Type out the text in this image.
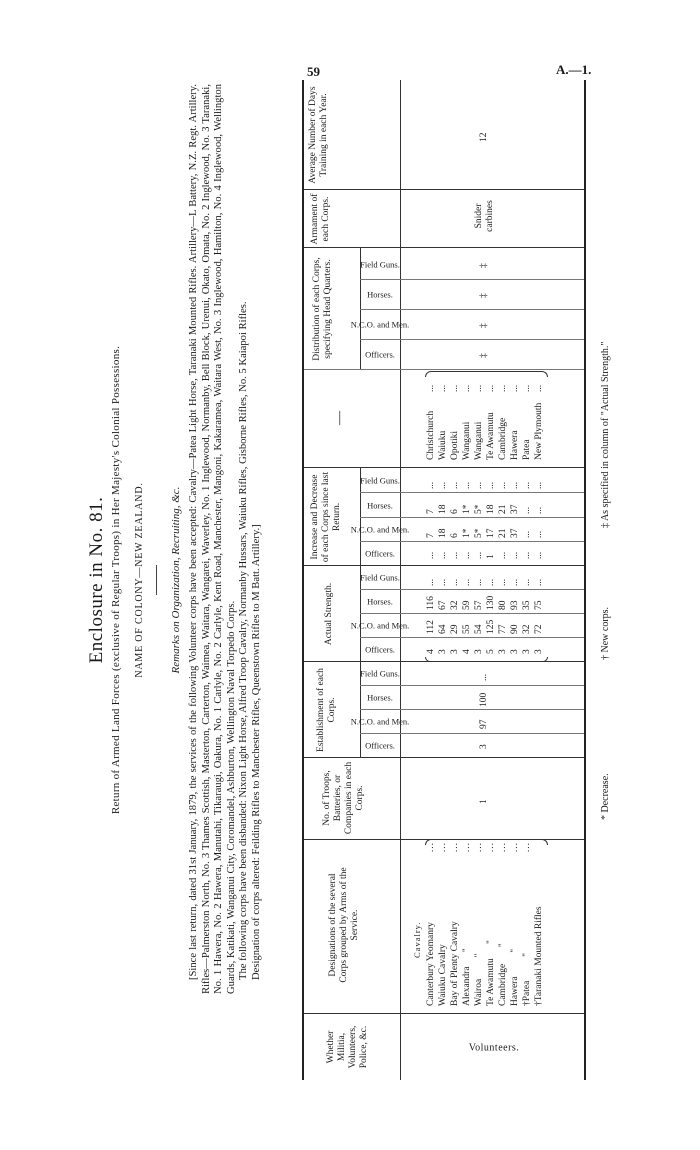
59	A.—1.
Enclosure in No. 81. Return of Armed Land Forces (exclusive of Regular Troops) in Her Majesty's Colonial Possessions. NAME OF COLONY—NEW ZEALAND. Remarks on Organization, Recruiting, &c. [Since last return, dated 31st January, 1879, the services of the following Volunteer corps have been accepted: Cavalry—Patea Light Horse, Taranaki Mounted Rifles. Artillery—L Battery, N.Z. Regt. Artillery. Rifles—Palmerston North, No. 3 Thames Scottish, Masterton, Carterton, Waimea, Waitara, Wangarei, Waverley, No. 1 Inglewood, Normanby, Bell Block, Urenui, Okato, Omata, No. 2 Inglewood, No. 3 Taranaki, No. 1 Hawera, No. 2 Hawera, Manutahi, Tikaraugi, Oakura, No. 1 Carlyle, No. 2 Carlyle, Kent Road, Manchester, Mangoni, Kakaramea, Waitara West, No. 3 Inglewood, Hamilton, No. 4 Inglewood, Wellington Guards, Katikati, Wanganui City, Coromandel, Ashburton, Wellington Naval Torpedo Corps. The following corps have been disbanded: Nixon Light Horse, Alfred Troop Cavalry, Normanby Hussars, Waiuku Rifles, Gisborne Rifles, No. 5 Kaiapoi Rifles. Designation of corps altered: Feilding Rifles to Manchester Rifles, Queenstown Rifles to M Batt. Artillery.]

Whether Militia, Volunteers, Police, &c.
Designations of the several Corps grouped by Arms of the Service.
No. of Troops, Batteries, or Companies in each Corps.
Establishment of each Corps.
Actual Strength.
Increase and Decrease of each Corps since last Return.
—
Distribution of each Corps, specifying Head Quarters.
Armament of each Corps.
Average Number of Days Training in each Year.
Officers.
N.C.O. and Men.
Horses.
Field Guns.
Officers.
N.C.O. and Men.
Horses.
Field Guns.
Officers.
N.C.O. and Men.
Horses.
Field Guns.
Officers.
N.C.O. and Men.
Horses.
Field Guns.
Volunteers.
Cavalry.
1
3
97
100
...
‡
‡
‡
‡
Snider carbines
12
Canterbury Yeomanry
...
4
112
116
...
...
7
7
...
Christchurch
...
Waiuku Cavalry
...
3
64
67
...
...
18
18
...
Waiuku
...
Bay of Plenty Cavalry
...
3
29
32
...
...
6
6
...
Opotiki
...
Alexandra      "
...
4
55
59
...
...
1*
1*
...
Wanganui
...
Wairoa         "
...
3
54
57
...
...
5*
5*
...
Wanganui
...
Te Awamutu      "
...
5
125
130
...
1
17
18
...
Te Awamutu
...
Cambridge       "
...
3
77
80
...
...
21
21
...
Cambridge
...
Hawera          "
...
3
90
93
...
...
37
37
...
Hawera
...
†Patea          "
...
3
32
35
...
...
...
...
...
Patea
...
†Taranaki Mounted Rifles
3
72
75
...
...
...
...
...
New Plymouth
...
* Decrease.
† New corps.
‡ As specified in column of "Actual Strength."
